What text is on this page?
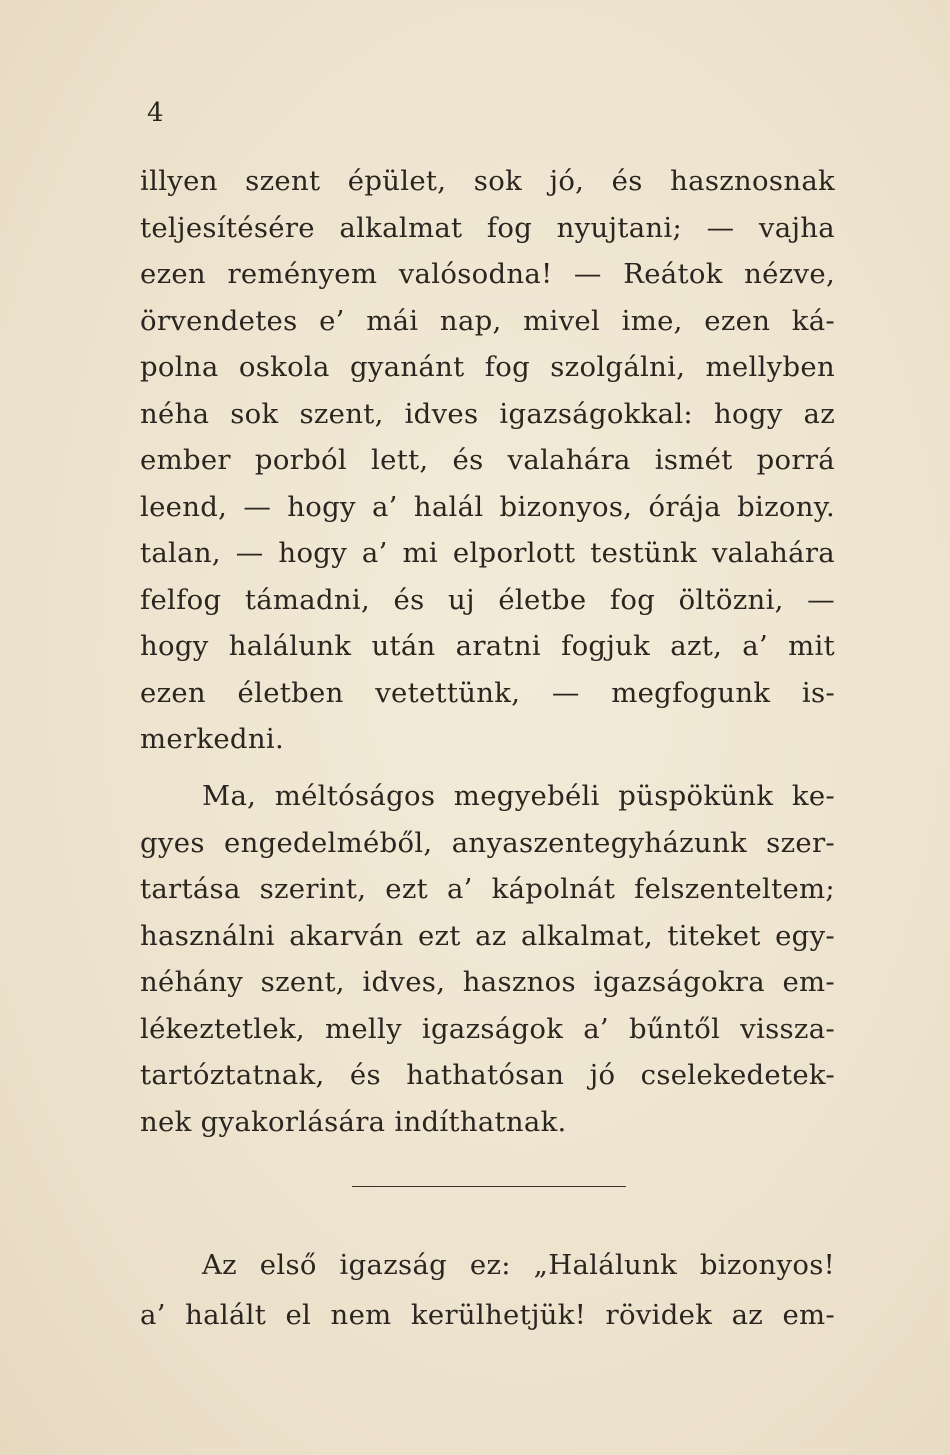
4
illyen szent épület, sok jó, és hasznosnak
teljesítésére alkalmat fog nyujtani; — vajha
ezen reményem valósodna! — Reátok nézve,
örvendetes e’ mái nap, mivel ime, ezen ká-
polna oskola gyanánt fog szolgálni, mellyben
néha sok szent, idves igazságokkal: hogy az
ember porból lett, és valahára ismét porrá
leend, — hogy a’ halál bizonyos, órája bizony.
talan, — hogy a’ mi elporlott testünk valahára
felfog támadni, és uj életbe fog öltözni, —
hogy halálunk után aratni fogjuk azt, a’ mit
ezen életben vetettünk, — megfogunk is-
merkedni.
Ma, méltóságos megyebéli püspökünk ke-
gyes engedelméből, anyaszentegyházunk szer-
tartása szerint, ezt a’ kápolnát felszenteltem;
használni akarván ezt az alkalmat, titeket egy-
néhány szent, idves, hasznos igazságokra em-
lékeztetlek, melly igazságok a’ bűntől vissza-
tartóztatnak, és hathatósan jó cselekedetek-
nek gyakorlására indíthatnak.
Az első igazság ez: „Halálunk bizonyos!
a’ halált el nem kerülhetjük! rövidek az em-
